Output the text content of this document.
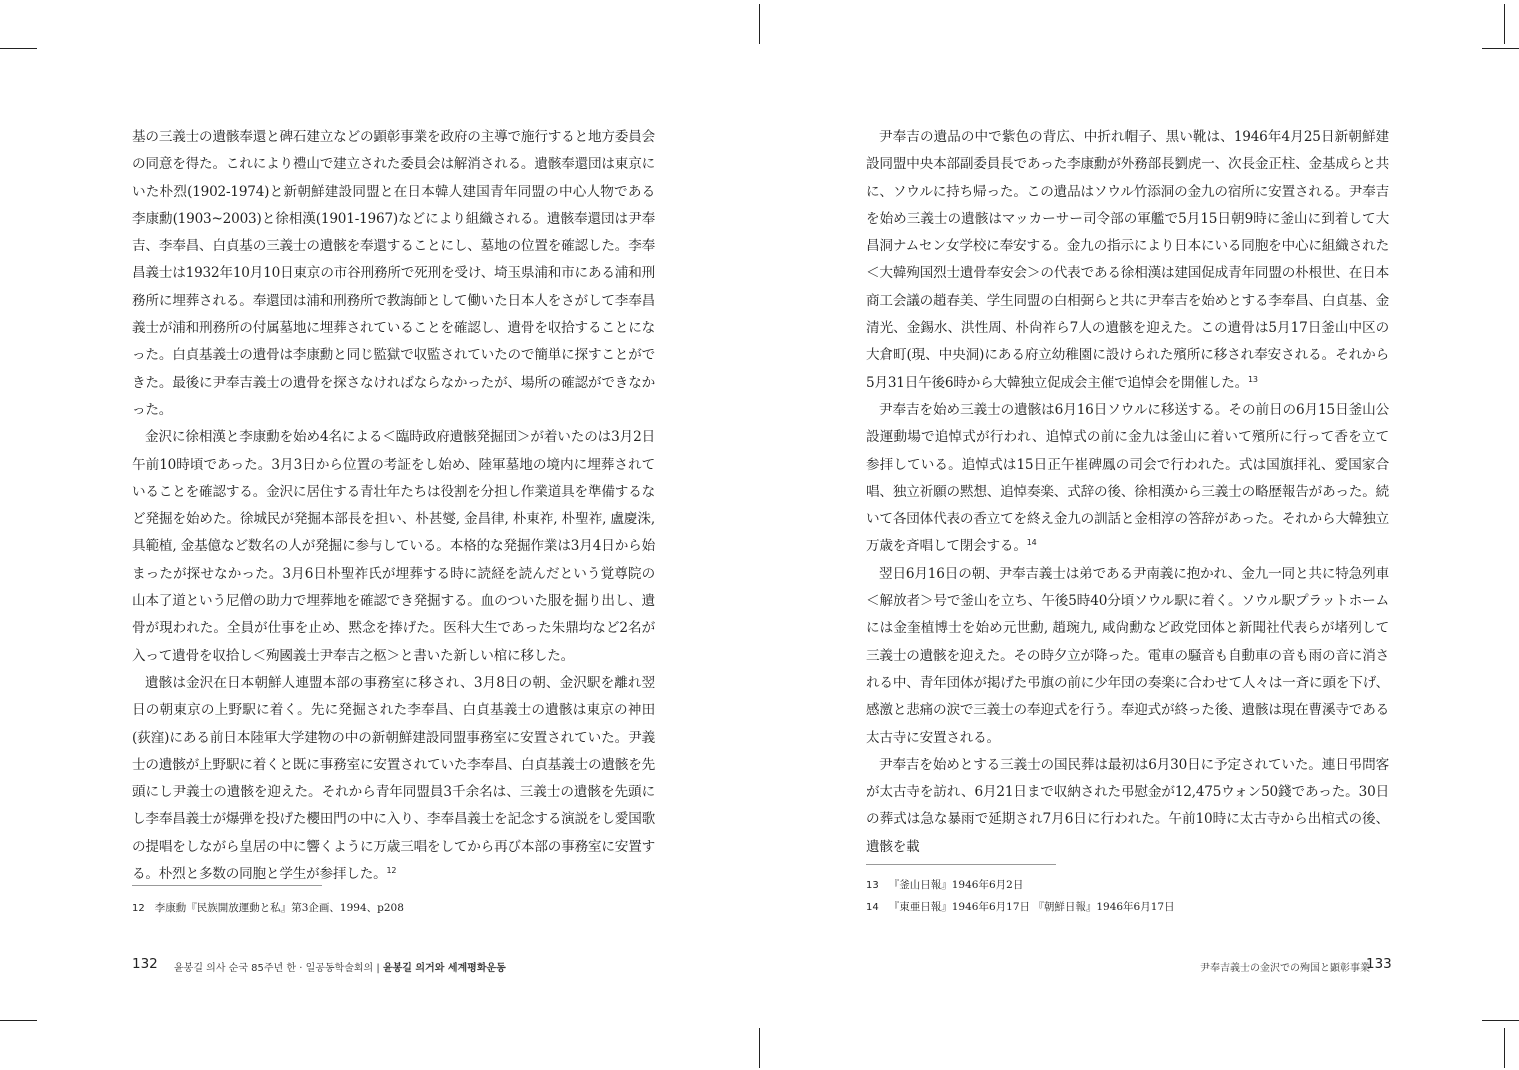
基の三義士の遺骸奉還と碑石建立などの顕彰事業を政府の主導で施行すると地方委員会の同意を得た。これにより禮山で建立された委員会は解消される。遺骸奉還団は東京にいた朴烈(1902-1974)と新朝鮮建設同盟と在日本韓人建国青年同盟の中心人物である李康勳(1903~2003)と徐相漢(1901-1967)などにより組織される。遺骸奉還団は尹奉吉、李奉昌、白貞基の三義士の遺骸を奉還することにし、墓地の位置を確認した。李奉昌義士は1932年10月10日東京の市谷刑務所で死刑を受け、埼玉県浦和市にある浦和刑務所に埋葬される。奉還団は浦和刑務所で教誨師として働いた日本人をさがして李奉昌義士が浦和刑務所の付属墓地に埋葬されていることを確認し、遺骨を収拾することになった。白貞基義士の遺骨は李康勳と同じ監獄で収監されていたので簡単に探すことができた。最後に尹奉吉義士の遺骨を探さなければならなかったが、場所の確認ができなかった。

金沢に徐相漢と李康勳を始め4名による＜臨時政府遺骸発掘団＞が着いたのは3月2日午前10時頃であった。3月3日から位置の考証をし始め、陸軍墓地の境内に埋葬されていることを確認する。金沢に居住する青壮年たちは役割を分担し作業道具を準備するなど発掘を始めた。徐城民が発掘本部長を担い、朴甚燮, 金昌律, 朴東祚, 朴聖祚, 盧慶洙, 具範植, 金基億など数名の人が発掘に参与している。本格的な発掘作業は3月4日から始まったが探せなかった。3月6日朴聖祚氏が埋葬する時に読経を読んだという覚尊院の山本了道という尼僧の助力で埋葬地を確認でき発掘する。血のついた服を掘り出し、遺骨が現われた。全員が仕事を止め、黙念を捧げた。医科大生であった朱鼎均など2名が入って遺骨を収拾し＜殉國義士尹奉吉之柩＞と書いた新しい棺に移した。

遺骸は金沢在日本朝鮮人連盟本部の事務室に移され、3月8日の朝、金沢駅を離れ翌日の朝東京の上野駅に着く。先に発掘された李奉昌、白貞基義士の遺骸は東京の神田(荻窪)にある前日本陸軍大学建物の中の新朝鮮建設同盟事務室に安置されていた。尹義士の遺骸が上野駅に着くと既に事務室に安置されていた李奉昌、白貞基義士の遺骸を先頭にし尹義士の遺骸を迎えた。それから青年同盟員3千余名は、三義士の遺骸を先頭にし李奉昌義士が爆弾を投げた櫻田門の中に入り、李奉昌義士を記念する演説をし愛国歌の提唱をしながら皇居の中に響くように万歳三唱をしてから再び本部の事務室に安置する。朴烈と多数の同胞と学生が参拝した。$^{12}$

12 李康勳『民族開放運動と私』第3企画、1994、p208
132 윤봉길 의사 순국 85주년 한 · 일공동학술회의 | 윤봉길 의거와 세계평화운동

尹奉吉の遺品の中で紫色の背広、中折れ帽子、黒い靴は、1946年4月25日新朝鮮建設同盟中央本部副委員長であった李康勳が外務部長劉虎一、次長金正柱、金基成らと共に、ソウルに持ち帰った。この遺品はソウル竹添洞の金九の宿所に安置される。尹奉吉を始め三義士の遺骸はマッカーサー司令部の軍艦で5月15日朝9時に釜山に到着して大昌洞ナムセン女学校に奉安する。金九の指示により日本にいる同胞を中心に組織された＜大韓殉国烈士遺骨奉安会＞の代表である徐相漢は建国促成青年同盟の朴根世、在日本商工会議の趙春美、学生同盟の白相弼らと共に尹奉吉を始めとする李奉昌、白貞基、金清光、金錫水、洪性周、朴尙祚ら7人の遺骸を迎えた。この遺骨は5月17日釜山中区の大倉町(現、中央洞)にある府立幼稚園に設けられた殯所に移され奉安される。それから5月31日午後6時から大韓独立促成会主催で追悼会を開催した。$^{13}$

尹奉吉を始め三義士の遺骸は6月16日ソウルに移送する。その前日の6月15日釜山公設運動場で追悼式が行われ、追悼式の前に金九は釜山に着いて殯所に行って香を立て参拝している。追悼式は15日正午崔碑鳳の司会で行われた。式は国旗拝礼、愛国家合唱、独立祈願の黙想、追悼奏楽、式辞の後、徐相漢から三義士の略歴報告があった。続いて各団体代表の香立てを終え金九の訓話と金相淳の答辞があった。それから大韓独立万歳を斉唱して閉会する。$^{14}$

翌日6月16日の朝、尹奉吉義士は弟である尹南義に抱かれ、金九一同と共に特急列車＜解放者＞号で釜山を立ち、午後5時40分頃ソウル駅に着く。ソウル駅プラットホームには金奎植博士を始め元世勳, 趙琬九, 咸尙勳など政党団体と新聞社代表らが堵列して三義士の遺骸を迎えた。その時夕立が降った。電車の騒音も自動車の音も雨の音に消される中、青年団体が掲げた弔旗の前に少年団の奏楽に合わせて人々は一斉に頭を下げ、感激と悲痛の涙で三義士の奉迎式を行う。奉迎式が終った後、遺骸は現在曹溪寺である太古寺に安置される。

尹奉吉を始めとする三義士の国民葬は最初は6月30日に予定されていた。連日弔問客が太古寺を訪れ、6月21日まで収納された弔慰金が12,475ウォン50錢であった。30日の葬式は急な暴雨で延期され7月6日に行われた。午前10時に太古寺から出棺式の後、遺骸を載

13 『釜山日報』1946年6月2日
14 『東亜日報』1946年6月17日 『朝鮮日報』1946年6月17日
尹奉吉義士の金沢での殉国と顕彰事業
133
